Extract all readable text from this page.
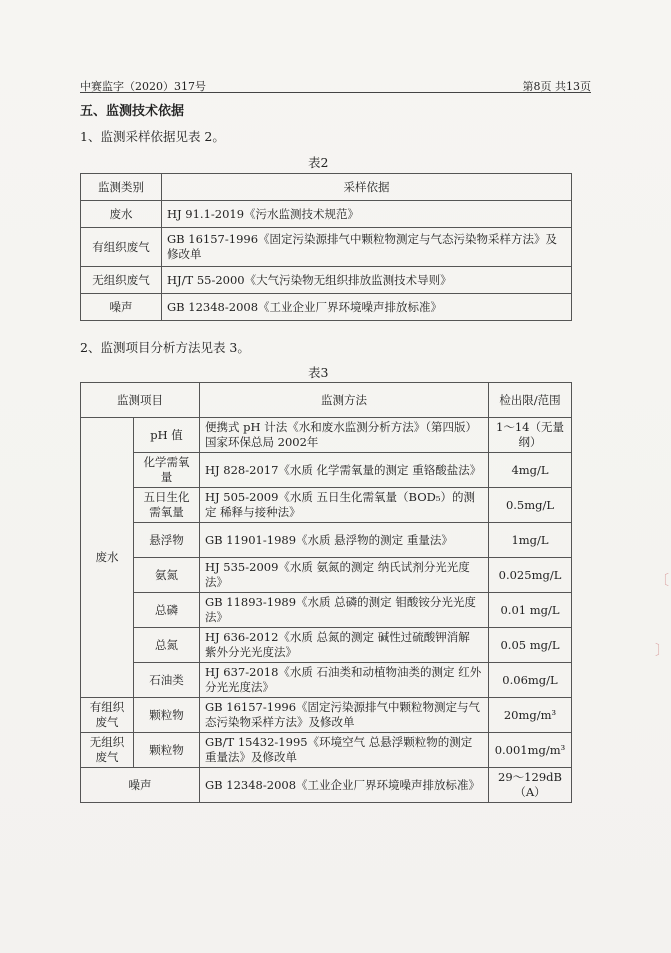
中赛监字（2020）317号	第8页 共13页
五、监测技术依据
1、监测采样依据见表 2。
表2
监测类别	采样依据
废水	HJ 91.1-2019《污水监测技术规范》
有组织废气	GB 16157-1996《固定污染源排气中颗粒物测定与气态污染物采样方法》及修改单
无组织废气	HJ/T 55-2000《大气污染物无组织排放监测技术导则》
噪声	GB 12348-2008《工业企业厂界环境噪声排放标准》
2、监测项目分析方法见表 3。
表3
监测项目		监测方法	检出限/范围
废水	pH 值	便携式 pH 计法《水和废水监测分析方法》（第四版）国家环保总局 2002年	1～14（无量纲）
	化学需氧量	HJ 828-2017《水质 化学需氧量的测定 重铬酸盐法》	4mg/L
	五日生化需氧量	HJ 505-2009《水质 五日生化需氧量（BOD₅）的测定 稀释与接种法》	0.5mg/L
	悬浮物	GB 11901-1989《水质 悬浮物的测定 重量法》	1mg/L
	氨氮	HJ 535-2009《水质 氨氮的测定 纳氏试剂分光光度法》	0.025mg/L
	总磷	GB 11893-1989《水质 总磷的测定 钼酸铵分光光度法》	0.01 mg/L
	总氮	HJ 636-2012《水质 总氮的测定 碱性过硫酸钾消解 紫外分光光度法》	0.05 mg/L
	石油类	HJ 637-2018《水质 石油类和动植物油类的测定 红外分光光度法》	0.06mg/L
有组织废气	颗粒物	GB 16157-1996《固定污染源排气中颗粒物测定与气态污染物采样方法》及修改单	20mg/m³
无组织废气	颗粒物	GB/T 15432-1995《环境空气 总悬浮颗粒物的测定 重量法》及修改单	0.001mg/m³
噪声		GB 12348-2008《工业企业厂界环境噪声排放标准》	29～129dB（A）
〔
〕
